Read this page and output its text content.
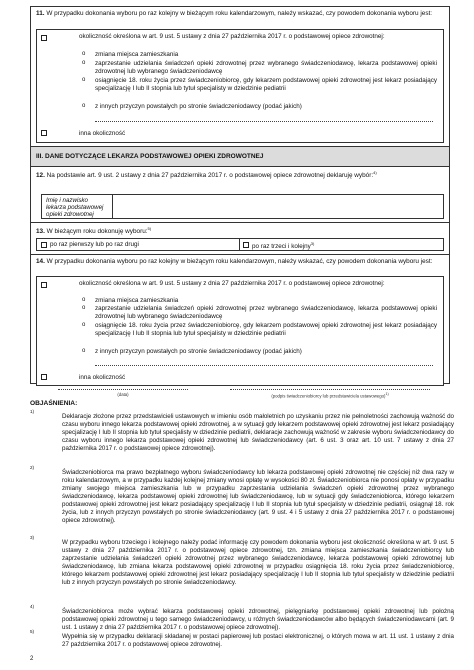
11. W przypadku dokonania wyboru po raz kolejny w bieżącym roku kalendarzowym, należy wskazać, czy powodem dokonania wyboru jest:
okoliczność określona w art. 9 ust. 5 ustawy z dnia 27 października 2017 r. o podstawowej opiece zdrowotnej:
o zmiana miejsca zamieszkania
o zaprzestanie udzielania świadczeń opieki zdrowotnej przez wybranego świadczeniodawcę, lekarza podstawowej opieki zdrowotnej lub wybranego świadczeniodawcę
o osiągnięcie 18. roku życia przez świadczeniobiorcę, gdy lekarzem podstawowej opieki zdrowotnej jest lekarz posiadający specjalizację I lub II stopnia lub tytuł specjalisty w dziedzinie pediatrii
o z innych przyczyn powstałych po stronie świadczeniodawcy (podać jakich)
inna okoliczność
III. DANE DOTYCZĄCE LEKARZA PODSTAWOWEJ OPIEKI ZDROWOTNEJ
12. Na podstawie art. 9 ust. 2 ustawy z dnia 27 października 2017 r. o podstawowej opiece zdrowotnej deklaruję wybór:$^{4)}$
Imię i nazwisko lekarza podstawowej opieki zdrowotnej
13. W bieżącym roku dokonuję wyboru:$^{5)}$
po raz pierwszy lub po raz drugi	po raz trzeci i kolejny$^{3)}$
14. W przypadku dokonania wyboru po raz kolejny w bieżącym roku kalendarzowym, należy wskazać, czy powodem dokonania wyboru jest:
okoliczność określona w art. 9 ust. 5 ustawy z dnia 27 października 2017 r. o podstawowej opiece zdrowotnej:
o zmiana miejsca zamieszkania
o zaprzestanie udzielania świadczeń opieki zdrowotnej przez wybranego świadczeniodawcę, lekarza podstawowej opieki zdrowotnej lub wybranego świadczeniodawcę
o osiągnięcie 18. roku życia przez świadczeniobiorcę, gdy lekarzem podstawowej opieki zdrowotnej jest lekarz posiadający specjalizację I lub II stopnia lub tytuł specjalisty w dziedzinie pediatrii
o z innych przyczyn powstałych po stronie świadczeniodawcy (podać jakich)
inna okoliczność
(data)	(podpis świadczeniobiorcy lub przedstawiciela ustawowego)$^{1)}$
OBJAŚNIENIA:
1)
Deklaracje złożone przez przedstawicieli ustawowych w imieniu osób małoletnich po uzyskaniu przez nie pełnoletności zachowują ważność do czasu wyboru innego lekarza podstawowej opieki zdrowotnej, a w sytuacji gdy lekarzem podstawowej opieki zdrowotnej jest lekarz posiadający specjalizację I lub II stopnia lub tytuł specjalisty w dziedzinie pediatrii, deklaracje zachowują ważność w zakresie wyboru świadczeniodawcy do czasu wyboru innego lekarza podstawowej opieki zdrowotnej lub świadczeniodawcy (art. 6 ust. 3 oraz art. 10 ust. 7 ustawy z dnia 27 października 2017 r. o podstawowej opiece zdrowotnej).
2)
Świadczeniobiorca ma prawo bezpłatnego wyboru świadczeniodawcy lub lekarza podstawowej opieki zdrowotnej nie częściej niż dwa razy w roku kalendarzowym, a w przypadku każdej kolejnej zmiany wnosi opłatę w wysokości 80 zł. Świadczeniobiorca nie ponosi opłaty w przypadku zmiany swojego miejsca zamieszkania lub w przypadku zaprzestania udzielania świadczeń opieki zdrowotnej przez wybranego świadczeniodawcę, lekarza podstawowej opieki zdrowotnej lub świadczeniodawcę, lub w sytuacji gdy świadczeniobiorca, którego lekarzem podstawowej opieki zdrowotnej jest lekarz posiadający specjalizację I lub II stopnia lub tytuł specjalisty w dziedzinie pediatrii, osiągnął 18. rok życia, lub z innych przyczyn powstałych po stronie świadczeniodawcy (art. 9 ust. 4 i 5 ustawy z dnia 27 października 2017 r. o podstawowej opiece zdrowotnej).
3)
W przypadku wyboru trzeciego i kolejnego należy podać informację czy powodem dokonania wyboru jest okoliczność określona w art. 9 ust. 5 ustawy z dnia 27 października 2017 r. o podstawowej opiece zdrowotnej, tzn. zmiana miejsca zamieszkania świadczeniobiorcy lub zaprzestanie udzielania świadczeń opieki zdrowotnej przez wybranego świadczeniodawcę, lekarza podstawowej opieki zdrowotnej lub świadczeniodawcę, lub zmiana lekarza podstawowej opieki zdrowotnej w przypadku osiągnięcia 18. roku życia przez świadczeniobiorcę, którego lekarzem podstawowej opieki zdrowotnej jest lekarz posiadający specjalizację I lub II stopnia lub tytuł specjalisty w dziedzinie pediatrii lub z innych przyczyn powstałych po stronie świadczeniodawcy.
4)
Świadczeniobiorca może wybrać lekarza podstawowej opieki zdrowotnej, pielęgniarkę podstawowej opieki zdrowotnej lub położną podstawowej opieki zdrowotnej u tego samego świadczeniodawcy, u różnych świadczeniodawców albo będących świadczeniodawcami (art. 9 ust. 1 ustawy z dnia 27 października 2017 r. o podstawowej opiece zdrowotnej).
5)
Wypełnia się w przypadku deklaracji składanej w postaci papierowej lub postaci elektronicznej, o których mowa w art. 11 ust. 1 ustawy z dnia 27 października 2017 r. o podstawowej opiece zdrowotnej.
2
